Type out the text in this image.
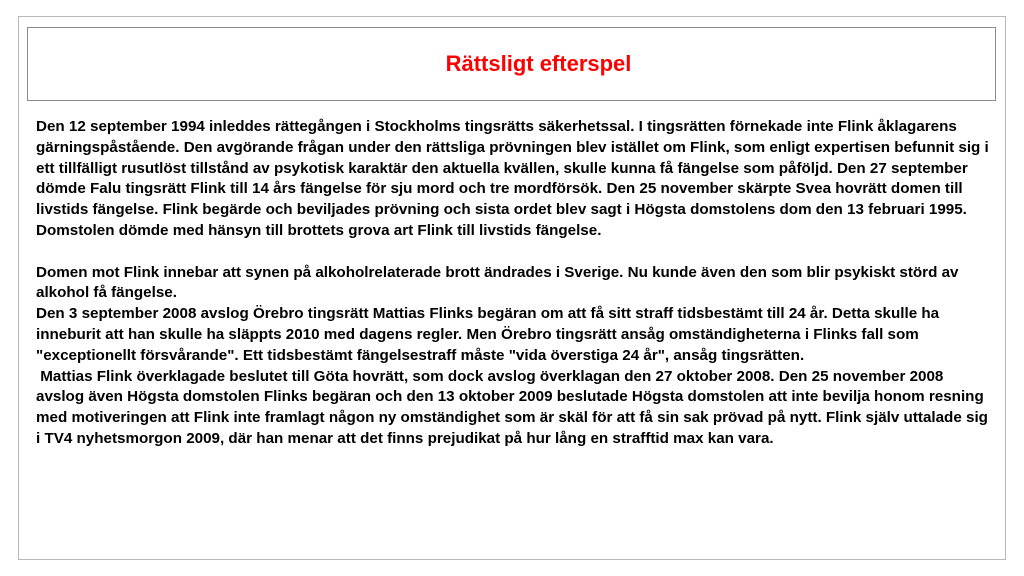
Rättsligt efterspel

Den 12 september 1994 inleddes rättegången i Stockholms tingsrätts säkerhetssal. I tingsrätten förnekade inte Flink åklagarens gärningspåstående. Den avgörande frågan under den rättsliga prövningen blev istället om Flink, som enligt expertisen befunnit sig i ett tillfälligt rusutlöst tillstånd av psykotisk karaktär den aktuella kvällen, skulle kunna få fängelse som påföljd. Den 27 september dömde Falu tingsrätt Flink till 14 års fängelse för sju mord och tre mordförsök. Den 25 november skärpte Svea hovrätt domen till livstids fängelse. Flink begärde och beviljades prövning och sista ordet blev sagt i Högsta domstolens dom den 13 februari 1995. Domstolen dömde med hänsyn till brottets grova art Flink till livstids fängelse.

Domen mot Flink innebar att synen på alkoholrelaterade brott ändrades i Sverige. Nu kunde även den som blir psykiskt störd av alkohol få fängelse.

Den 3 september 2008 avslog Örebro tingsrätt Mattias Flinks begäran om att få sitt straff tidsbestämt till 24 år. Detta skulle ha inneburit att han skulle ha släppts 2010 med dagens regler. Men Örebro tingsrätt ansåg omständigheterna i Flinks fall som "exceptionellt försvårande". Ett tidsbestämt fängelsestraff måste "vida överstiga 24 år", ansåg tingsrätten.

Mattias Flink överklagade beslutet till Göta hovrätt, som dock avslog överklagan den 27 oktober 2008. Den 25 november 2008 avslog även Högsta domstolen Flinks begäran och den 13 oktober 2009 beslutade Högsta domstolen att inte bevilja honom resning med motiveringen att Flink inte framlagt någon ny omständighet som är skäl för att få sin sak prövad på nytt. Flink själv uttalade sig i TV4 nyhetsmorgon 2009, där han menar att det finns prejudikat på hur lång en strafftid max kan vara.
